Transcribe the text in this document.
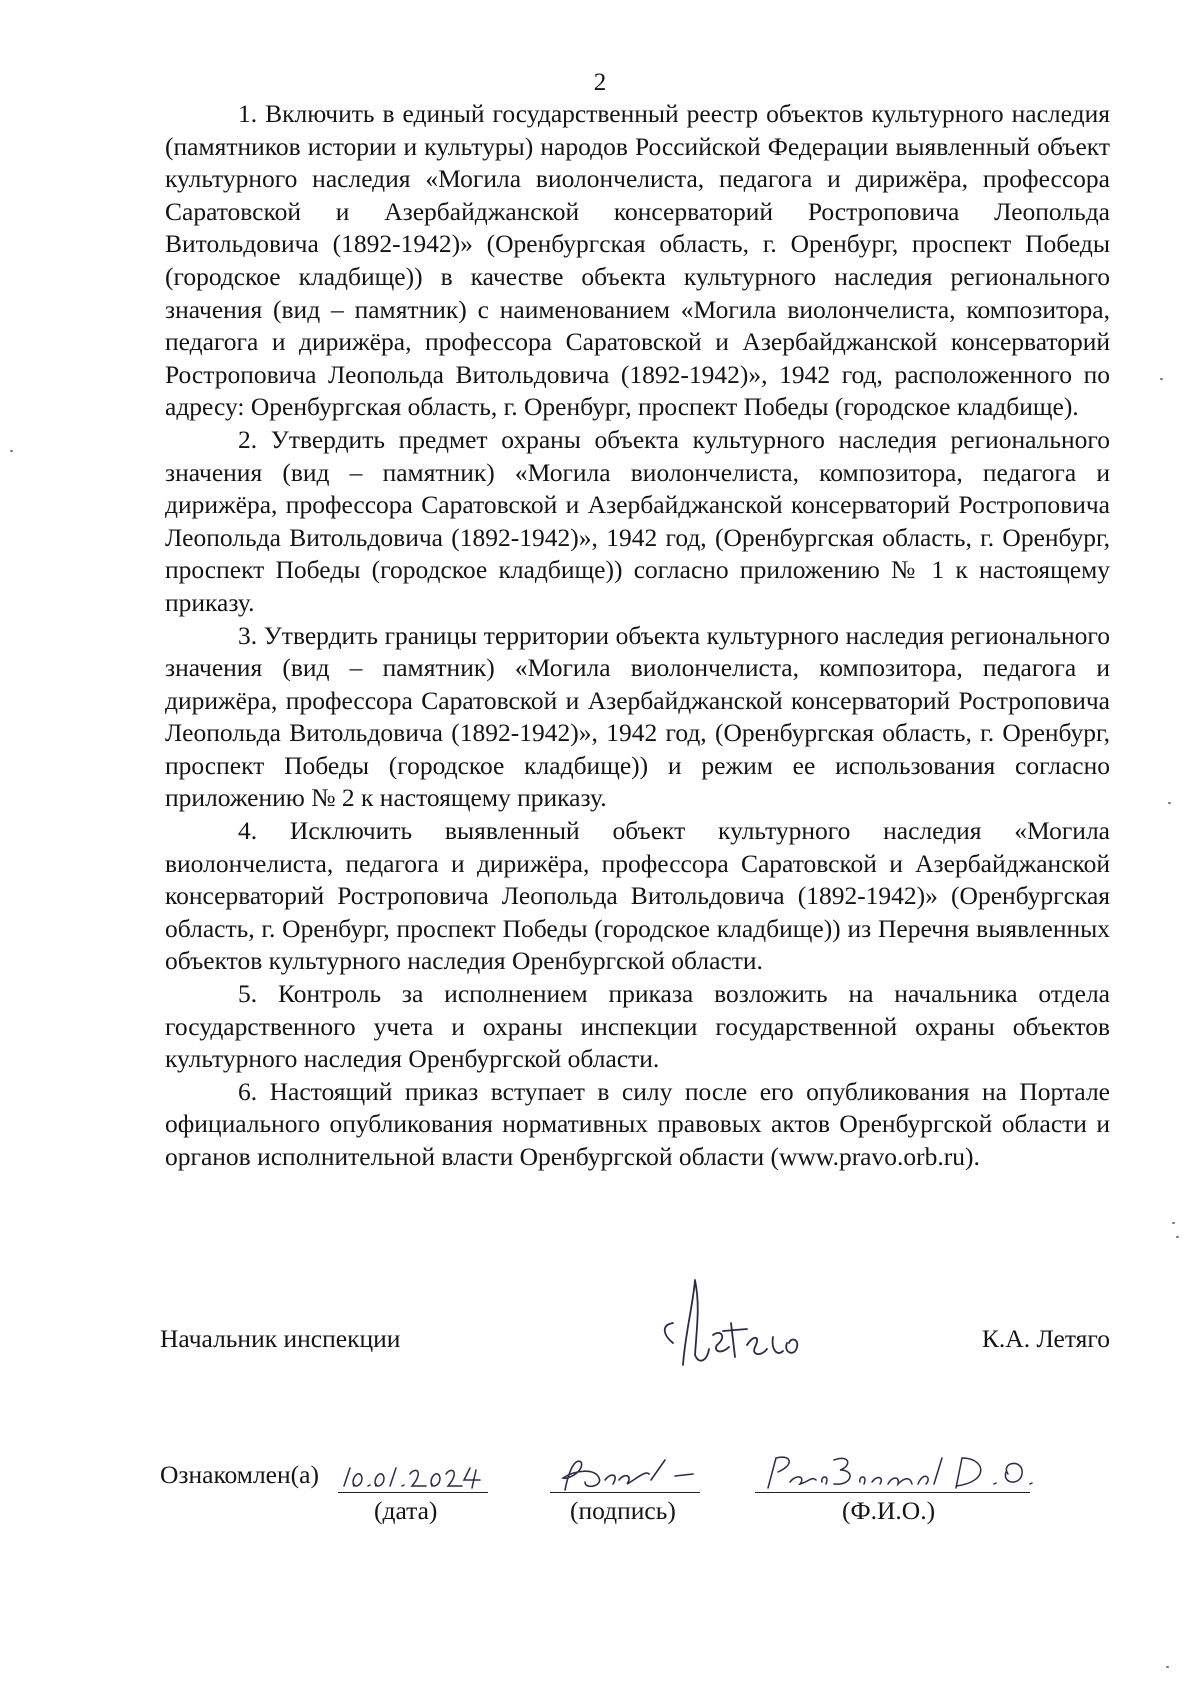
2

1. Включить в единый государственный реестр объектов культурного наследия (памятников истории и культуры) народов Российской Федерации выявленный объект культурного наследия «Могила виолончелиста, педагога и дирижёра, профессора Саратовской и Азербайджанской консерваторий Ростроповича Леопольда Витольдовича (1892-1942)» (Оренбургская область, г. Оренбург, проспект Победы (городское кладбище)) в качестве объекта культурного наследия регионального значения (вид – памятник) с наименованием «Могила виолончелиста, композитора, педагога и дирижёра, профессора Саратовской и Азербайджанской консерваторий Ростроповича Леопольда Витольдовича (1892-1942)», 1942 год, расположенного по адресу: Оренбургская область, г. Оренбург, проспект Победы (городское кладбище).

2. Утвердить предмет охраны объекта культурного наследия регионального значения (вид – памятник) «Могила виолончелиста, композитора, педагога и дирижёра, профессора Саратовской и Азербайджанской консерваторий Ростроповича Леопольда Витольдовича (1892-1942)», 1942 год, (Оренбургская область, г. Оренбург, проспект Победы (городское кладбище)) согласно приложению № 1 к настоящему приказу.

3. Утвердить границы территории объекта культурного наследия регионального значения (вид – памятник) «Могила виолончелиста, композитора, педагога и дирижёра, профессора Саратовской и Азербайджанской консерваторий Ростроповича Леопольда Витольдовича (1892-1942)», 1942 год, (Оренбургская область, г. Оренбург, проспект Победы (городское кладбище)) и режим ее использования согласно приложению № 2 к настоящему приказу.

4. Исключить выявленный объект культурного наследия «Могила виолончелиста, педагога и дирижёра, профессора Саратовской и Азербайджанской консерваторий Ростроповича Леопольда Витольдовича (1892-1942)» (Оренбургская область, г. Оренбург, проспект Победы (городское кладбище)) из Перечня выявленных объектов культурного наследия Оренбургской области.

5. Контроль за исполнением приказа возложить на начальника отдела государственного учета и охраны инспекции государственной охраны объектов культурного наследия Оренбургской области.

6. Настоящий приказ вступает в силу после его опубликования на Портале официального опубликования нормативных правовых актов Оренбургской области и органов исполнительной власти Оренбургской области (www.pravo.orb.ru).

Начальник инспекции	К.А. Летяго
Ознакомлен(а)
(дата)	(подпись)	(Ф.И.О.)
